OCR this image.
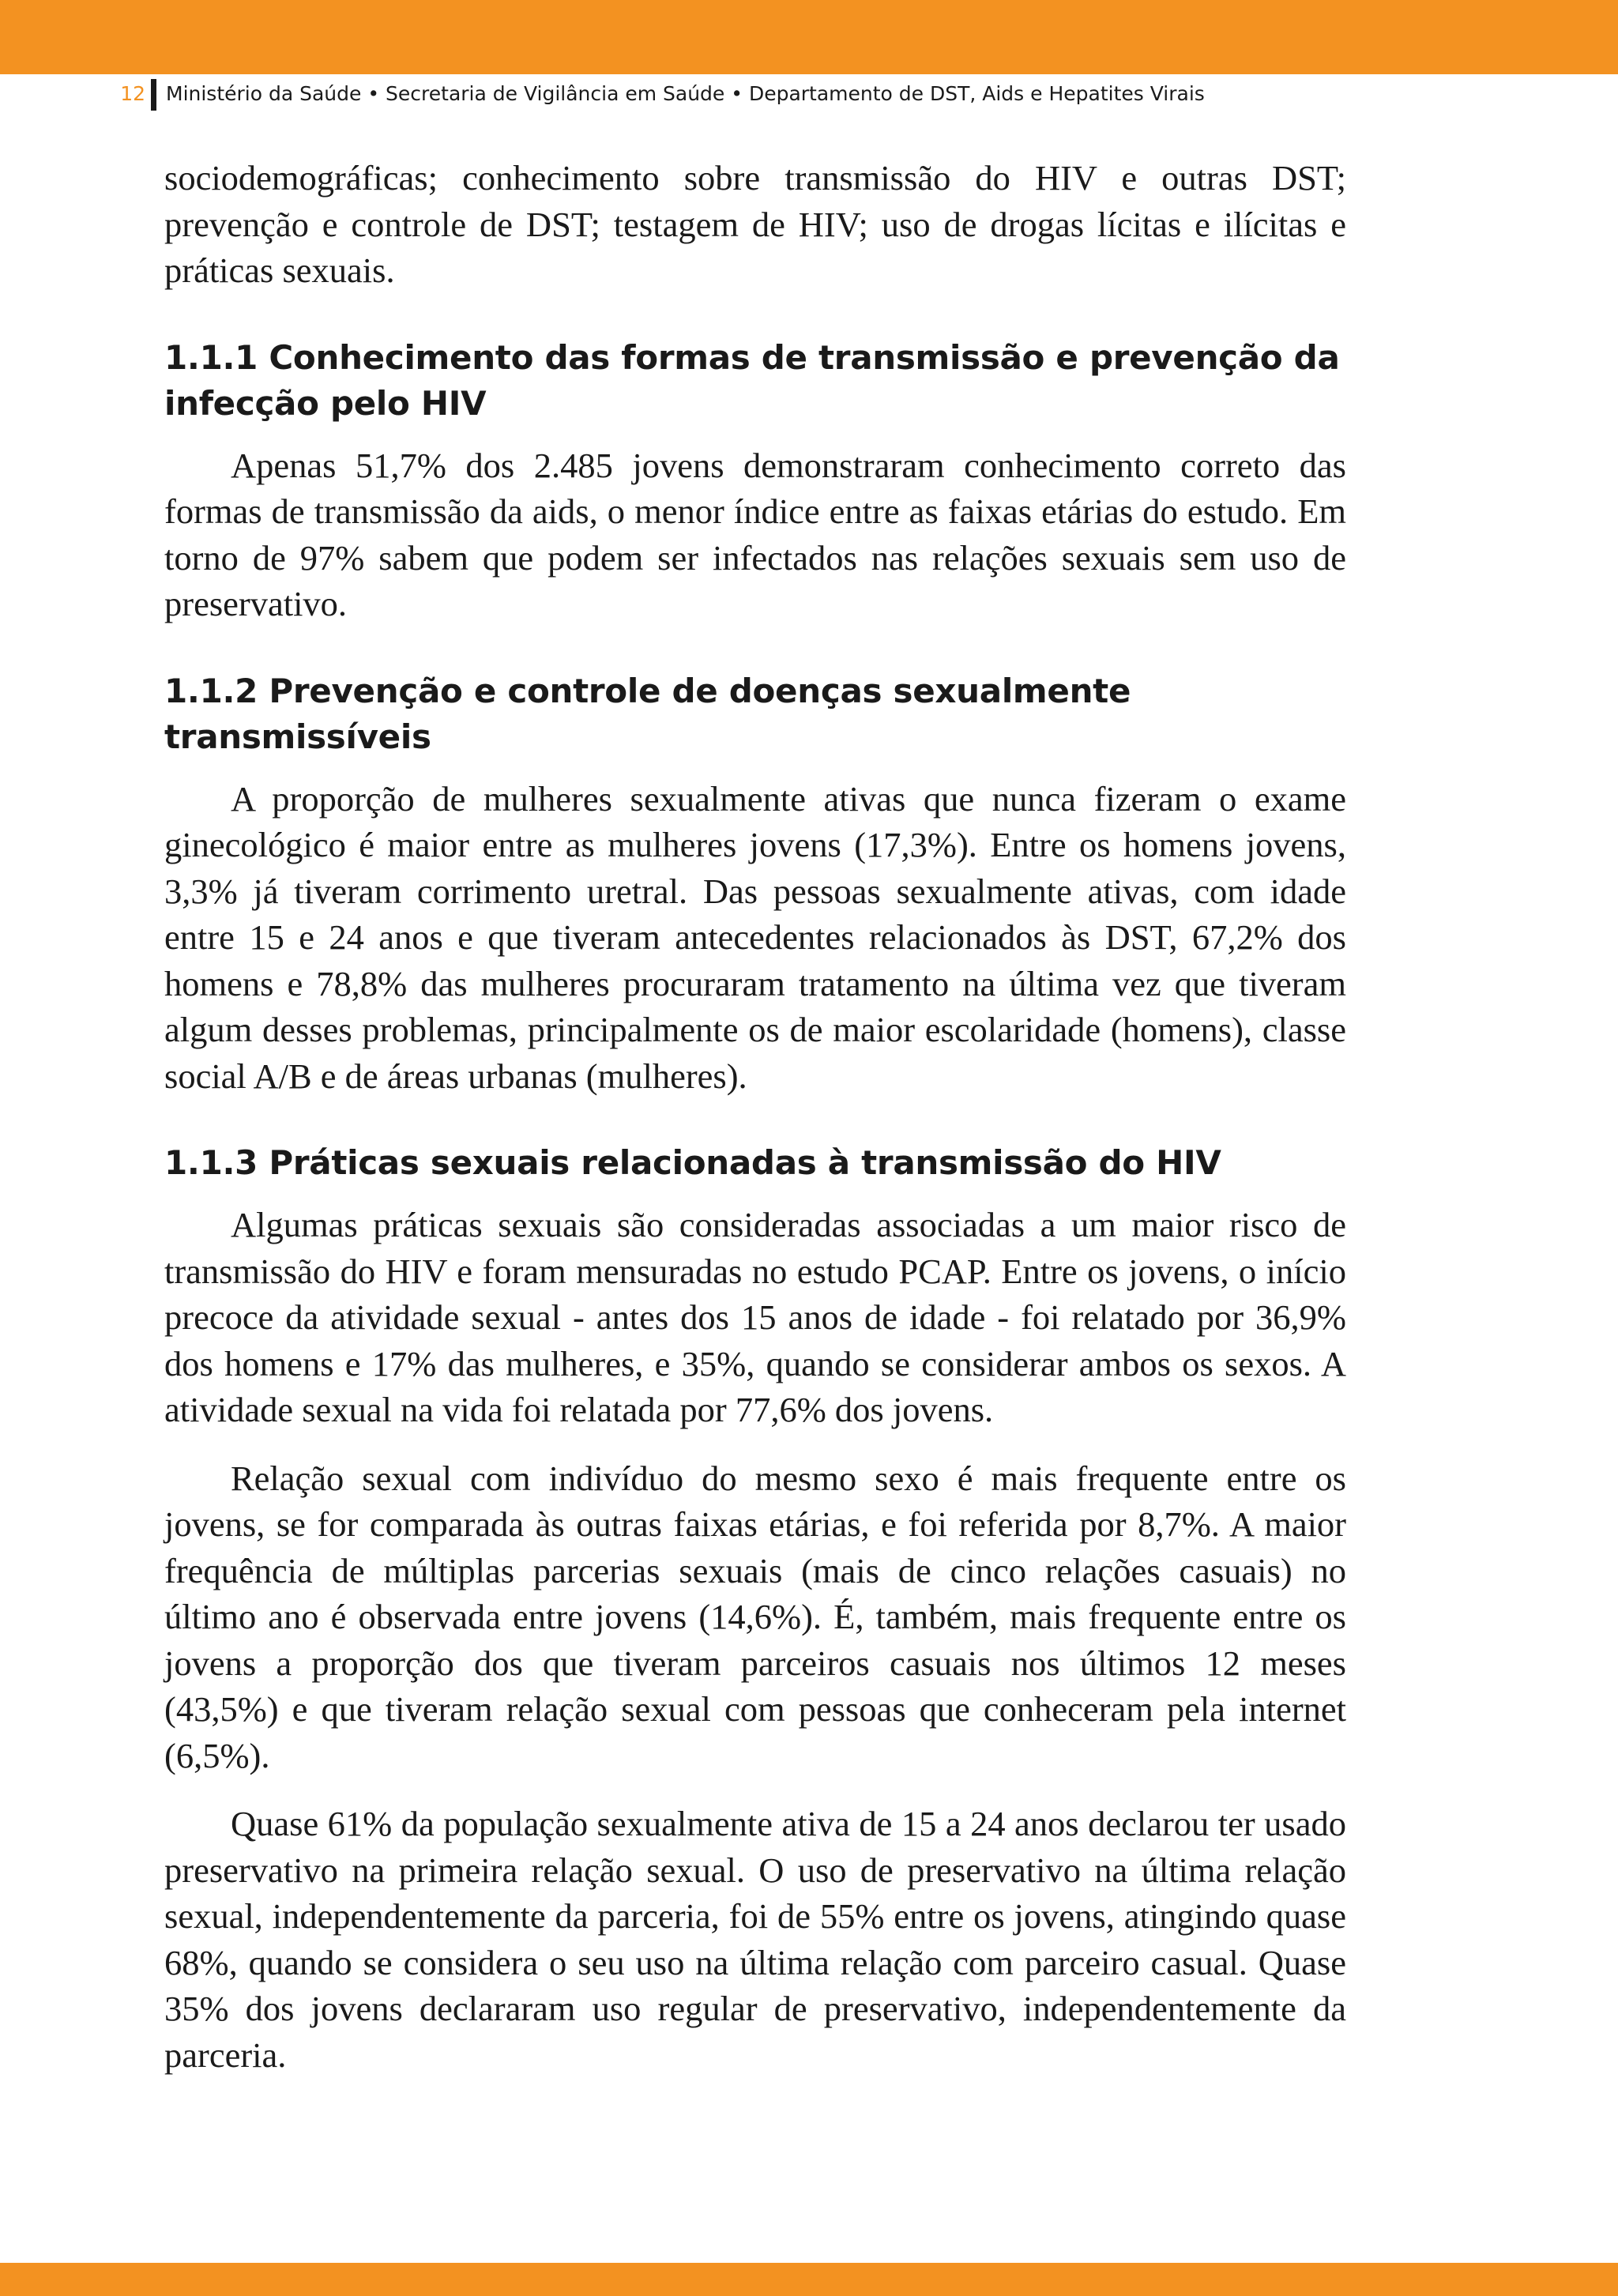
12 Ministério da Saúde • Secretaria de Vigilância em Saúde • Departamento de DST, Aids e Hepatites Virais

sociodemográficas; conhecimento sobre transmissão do HIV e outras DST; prevenção e controle de DST; testagem de HIV; uso de drogas lícitas e ilícitas e práticas sexuais.

1.1.1 Conhecimento das formas de transmissão e prevenção da infecção pelo HIV

Apenas 51,7% dos 2.485 jovens demonstraram conhecimento correto das formas de transmissão da aids, o menor índice entre as faixas etárias do estudo. Em torno de 97% sabem que podem ser infectados nas relações sexuais sem uso de preservativo.

1.1.2 Prevenção e controle de doenças sexualmente transmissíveis

A proporção de mulheres sexualmente ativas que nunca fizeram o exame ginecológico é maior entre as mulheres jovens (17,3%). Entre os homens jovens, 3,3% já tiveram corrimento uretral. Das pessoas sexualmente ativas, com idade entre 15 e 24 anos e que tiveram antecedentes relacionados às DST, 67,2% dos homens e 78,8% das mulheres procuraram tratamento na última vez que tiveram algum desses problemas, principalmente os de maior escolaridade (homens), classe social A/B e de áreas urbanas (mulheres).

1.1.3 Práticas sexuais relacionadas à transmissão do HIV

Algumas práticas sexuais são consideradas associadas a um maior risco de transmissão do HIV e foram mensuradas no estudo PCAP. Entre os jovens, o início precoce da atividade sexual - antes dos 15 anos de idade - foi relatado por 36,9% dos homens e 17% das mulheres, e 35%, quando se considerar ambos os sexos. A atividade sexual na vida foi relatada por 77,6% dos jovens.

Relação sexual com indivíduo do mesmo sexo é mais frequente entre os jovens, se for comparada às outras faixas etárias, e foi referida por 8,7%. A maior frequência de múltiplas parcerias sexuais (mais de cinco relações casuais) no último ano é observada entre jovens (14,6%). É, também, mais frequente entre os jovens a proporção dos que tiveram parceiros casuais nos últimos 12 meses (43,5%) e que tiveram relação sexual com pessoas que conheceram pela internet (6,5%).

Quase 61% da população sexualmente ativa de 15 a 24 anos declarou ter usado preservativo na primeira relação sexual. O uso de preservativo na última relação sexual, independentemente da parceria, foi de 55% entre os jovens, atingindo quase 68%, quando se considera o seu uso na última relação com parceiro casual. Quase 35% dos jovens declararam uso regular de preservativo, independentemente da parceria.
